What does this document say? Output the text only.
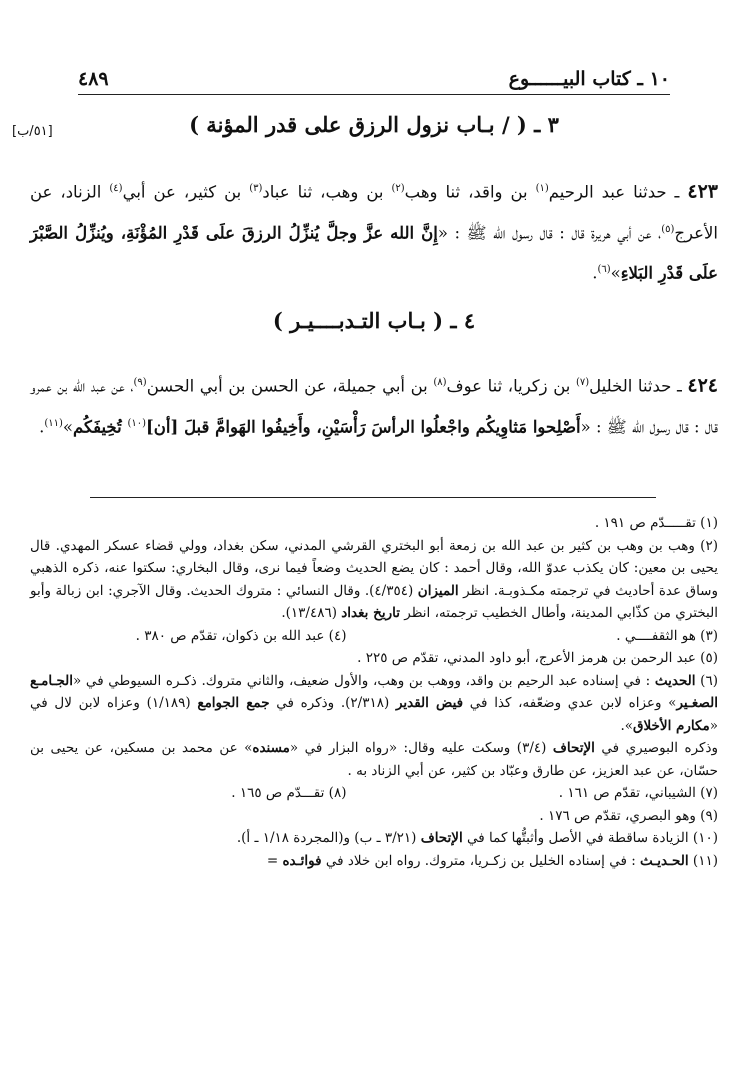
١٠ ـ كتاب البيــــــوع
٤٨٩
[٥١/ب]	٣ ـ ( / بـاب نزول الرزق على قدر المؤنة )
٤٢٣ ـ حدثنا عبد الرحيم$^{(١)}$ بن واقد، ثنا وهب$^{(٢)}$ بن وهب، ثنا عباد$^{(٣)}$ بن كثير، عن أبي$^{(٤)}$ الزناد، عن الأعرج$^{(٥)}$، عن أبي هريرة قال : قال رسول الله ﷺ : «إِنَّ الله عزَّ وجلَّ يُنزِّلُ الرزقَ علَى قَدْرِ المُؤْنَةِ، ويُنزِّلُ الصَّبْرَ علَى قَدْرِ البَلاءِ»$^{(٦)}$.
٤ ـ ( بـاب التـدبــــيـر )
٤٢٤ ـ حدثنا الخليل$^{(٧)}$ بن زكريا، ثنا عوف$^{(٨)}$ بن أبي جميلة، عن الحسن بن أبي الحسن$^{(٩)}$، عن عبد الله بن عمرو قال : قال رسول الله ﷺ : «أَصْلِحوا مَثاوِيكُم واجْعلُوا الرأسَ رَأْسَيْنِ، وأَخِيفُوا الهَوامَّ قبلَ [أن]$^{(١٠)}$ تُخِيفَكُم»$^{(١١)}$.
(١) تقـــــدّم ص ١٩١ .
(٢) وهب بن وهب بن كثير بن عبد الله بن زمعة أبو البختري القرشي المدني، سكن بغداد، وولي قضاء عسكر المهدي. قال يحيى بن معين: كان يكذب عدوّ الله، وقال أحمد : كان يضع الحديث وضعاً فيما نرى، وقال البخاري: سكتوا عنه، ذكره الذهبي وساق عدة أحاديث في ترجمته مكـذوبـة. انظر الميزان (٤/٣٥٤). وقال النسائي : متروك الحديث. وقال الآجري: ابن زبالة وأبو البختري من كذّابي المدينة، وأطال الخطيب ترجمته، انظر تاريخ بغداد (١٣/٤٨٦).
(٣) هو الثقفــــي .
(٤) عبد الله بن ذكوان، تقدّم ص ٣٨٠ .
(٥) عبد الرحمن بن هرمز الأعرج، أبو داود المدني، تقدّم ص ٢٢٥ .
(٦) الحديث : في إسناده عبد الرحيم بن واقد، ووهب بن وهب، والأول ضعيف، والثاني متروك. ذكـره السيوطي في «الجـامـع الصغـير» وعزاه لابن عدي وضعّفه، كذا في فيض القدير (٢/٣١٨). وذكره في جمع الجوامع (١/١٨٩) وعزاه لابن لال في «مكارم الأخلاق».
وذكره البوصيري في الإتحاف (٣/٤) وسكت عليه وقال: «رواه البزار في «مسنده» عن محمد بن مسكين، عن يحيى بن حسّان، عن عبد العزيز، عن طارق وعبّاد بن كثير، عن أبي الزناد به .
(٧) الشيباني، تقدّم ص ١٦١ .
(٨) تقـــدّم ص ١٦٥ .
(٩) وهو البصري، تقدّم ص ١٧٦ .
(١٠) الزيادة ساقطة في الأصل وأثبتُّها كما في الإتحاف (٣/٢١ ـ ب) و(المجردة ١/١٨ ـ أ).
(١١) الحـديـث : في إسناده الخليل بن زكـريا، متروك. رواه ابن خلاد في فوائـده =
